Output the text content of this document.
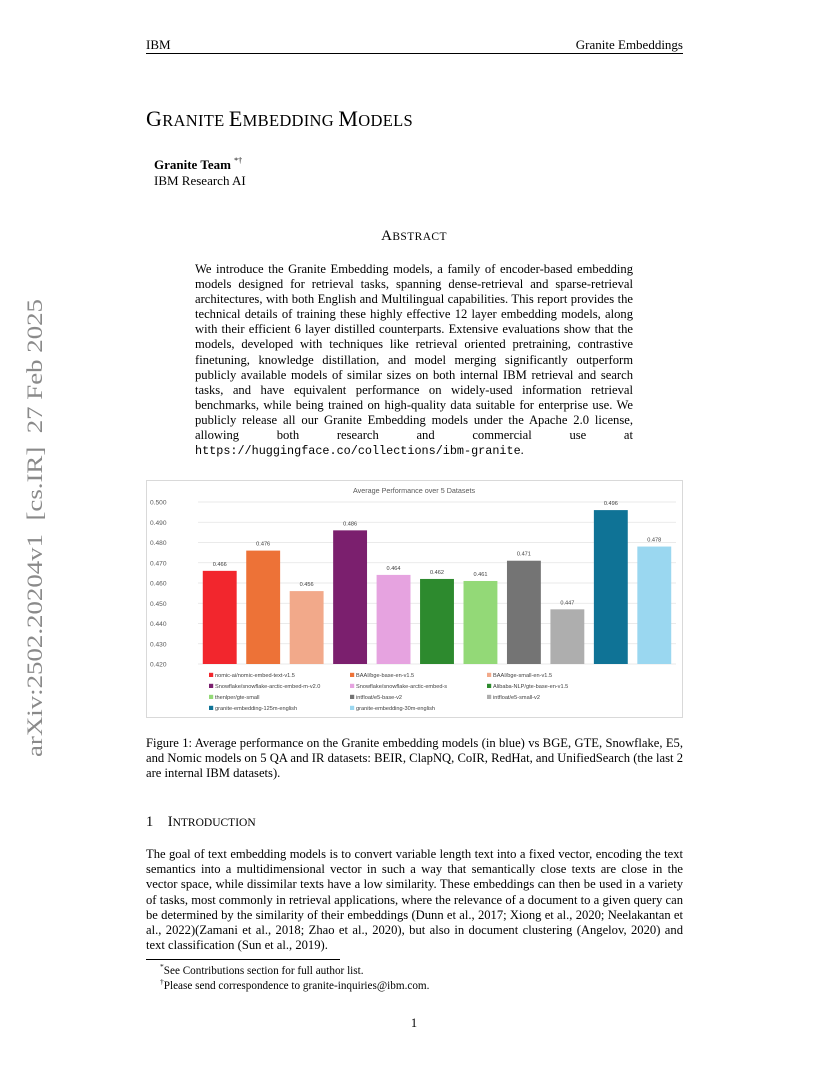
IBM	Granite Embeddings
GRANITE EMBEDDING MODELS
Granite Team *†
IBM Research AI
ABSTRACT
We introduce the Granite Embedding models, a family of encoder-based embedding models designed for retrieval tasks, spanning dense-retrieval and sparse-retrieval architectures, with both English and Multilingual capabilities. This report provides the technical details of training these highly effective 12 layer embedding models, along with their efficient 6 layer distilled counterparts. Extensive evaluations show that the models, developed with techniques like retrieval oriented pretraining, contrastive finetuning, knowledge distillation, and model merging significantly outperform publicly available models of similar sizes on both internal IBM retrieval and search tasks, and have equivalent performance on widely-used information retrieval benchmarks, while being trained on high-quality data suitable for enterprise use. We publicly release all our Granite Embedding models under the Apache 2.0 license, allowing both research and commercial use at https://huggingface.co/collections/ibm-granite.
arXiv:2502.20204v1  [cs.IR]  27 Feb 2025	Average Performance over 5 Datasets
0.420
0.430
0.440
0.450
0.460
0.470
0.480
0.490
0.500
0.466
0.476
0.456
0.486
0.464
0.462	0.461
0.471
0.447
0.496
0.478
nomic-ai/nomic-embed-text-v1.5	BAAI/bge-base-en-v1.5	BAAI/bge-small-en-v1.5
Snowflake/snowflake-arctic-embed-m-v2.0	Snowflake/snowflake-arctic-embed-s	Alibaba-NLP/gte-base-en-v1.5
thenlper/gte-small	intfloat/e5-base-v2	intfloat/e5-small-v2
granite-embedding-125m-english	granite-embedding-30m-english
Figure 1: Average performance on the Granite embedding models (in blue) vs BGE, GTE, Snowflake, E5, and Nomic models on 5 QA and IR datasets: BEIR, ClapNQ, CoIR, RedHat, and UnifiedSearch (the last 2 are internal IBM datasets).
1 INTRODUCTION
The goal of text embedding models is to convert variable length text into a fixed vector, encoding the text semantics into a multidimensional vector in such a way that semantically close texts are close in the vector space, while dissimilar texts have a low similarity. These embeddings can then be used in a variety of tasks, most commonly in retrieval applications, where the relevance of a document to a given query can be determined by the similarity of their embeddings (Dunn et al., 2017; Xiong et al., 2020; Neelakantan et al., 2022)(Zamani et al., 2018; Zhao et al., 2020), but also in document clustering (Angelov, 2020) and text classification (Sun et al., 2019).
*See Contributions section for full author list.
†Please send correspondence to granite-inquiries@ibm.com.
1
